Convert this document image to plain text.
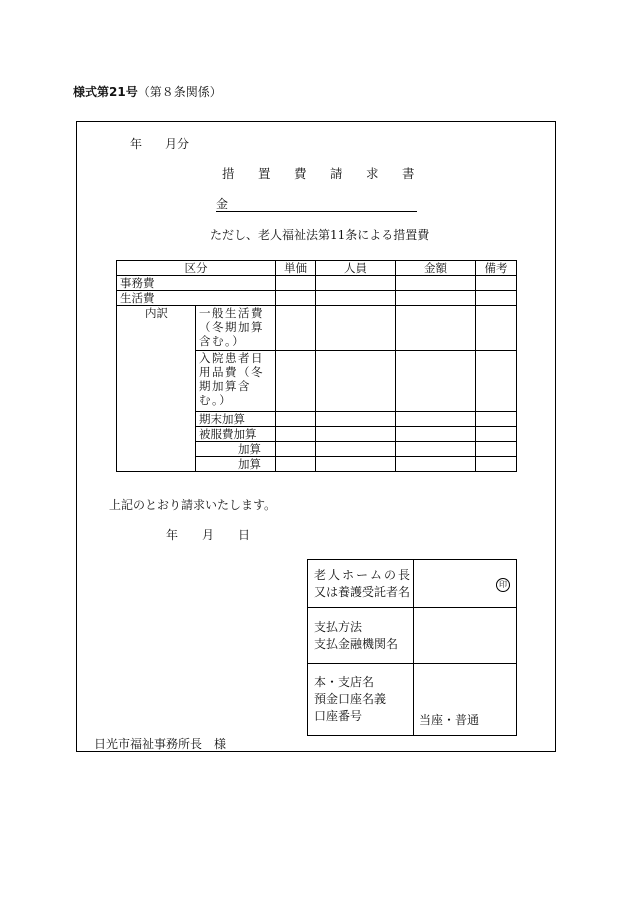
様式第21号（第８条関係）
年 月分
措 置 費 請 求 書
金
ただし、老人福祉法第11条による措置費
区分		単価	人員	金額	備考
事務費					
生活費					
内訳	一般生活費（冬期加算含む。）				
	入院患者日用品費（冬期加算含む。）				
	期末加算				
	被服費加算				
	加算				
	加算				
上記のとおり請求いたします。
年 月 日
老人ホームの長
又は養護受託者名	印

支払方法
支払金融機関名	

本・支店名
預金口座名義
口座番号	当座・普通
日光市福祉事務所長　様
